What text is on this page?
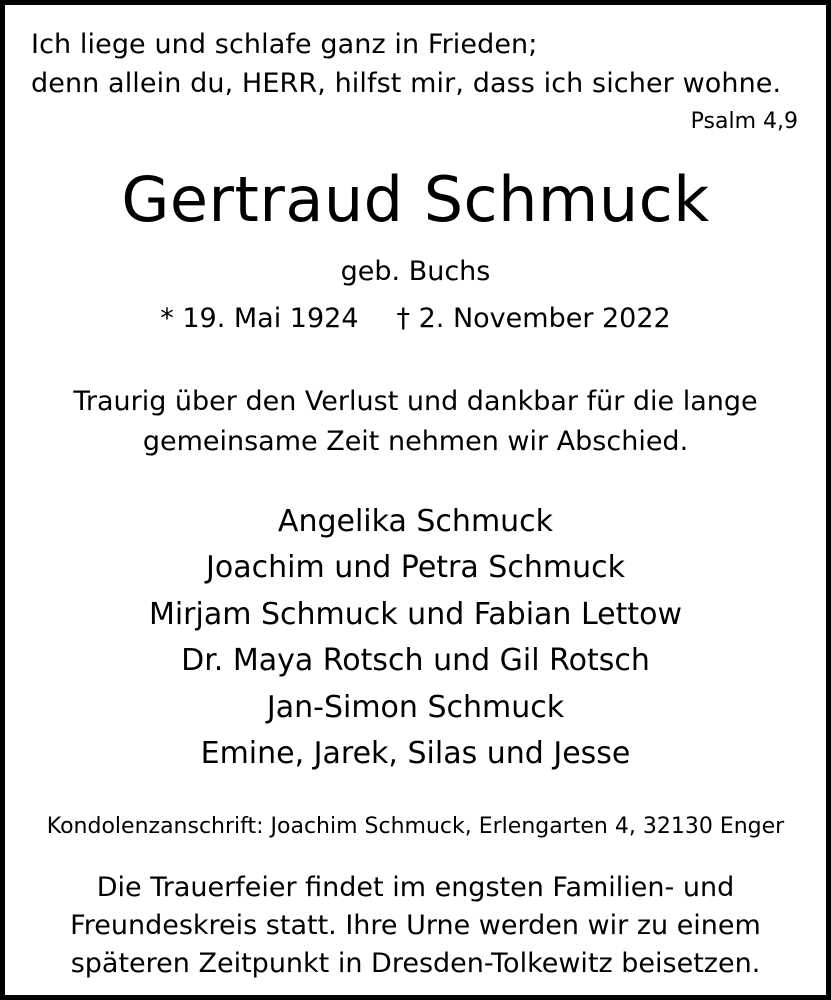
Ich liege und schlafe ganz in Frieden;
denn allein du, HERR, hilfst mir, dass ich sicher wohne.
Psalm 4,9
Gertraud Schmuck
geb. Buchs
* 19. Mai 1924 † 2. November 2022
Traurig über den Verlust und dankbar für die lange
gemeinsame Zeit nehmen wir Abschied.
Angelika Schmuck
Joachim und Petra Schmuck
Mirjam Schmuck und Fabian Lettow
Dr. Maya Rotsch und Gil Rotsch
Jan-Simon Schmuck
Emine, Jarek, Silas und Jesse
Kondolenzanschrift: Joachim Schmuck, Erlengarten 4, 32130 Enger
Die Trauerfeier findet im engsten Familien- und
Freundeskreis statt. Ihre Urne werden wir zu einem
späteren Zeitpunkt in Dresden-Tolkewitz beisetzen.
